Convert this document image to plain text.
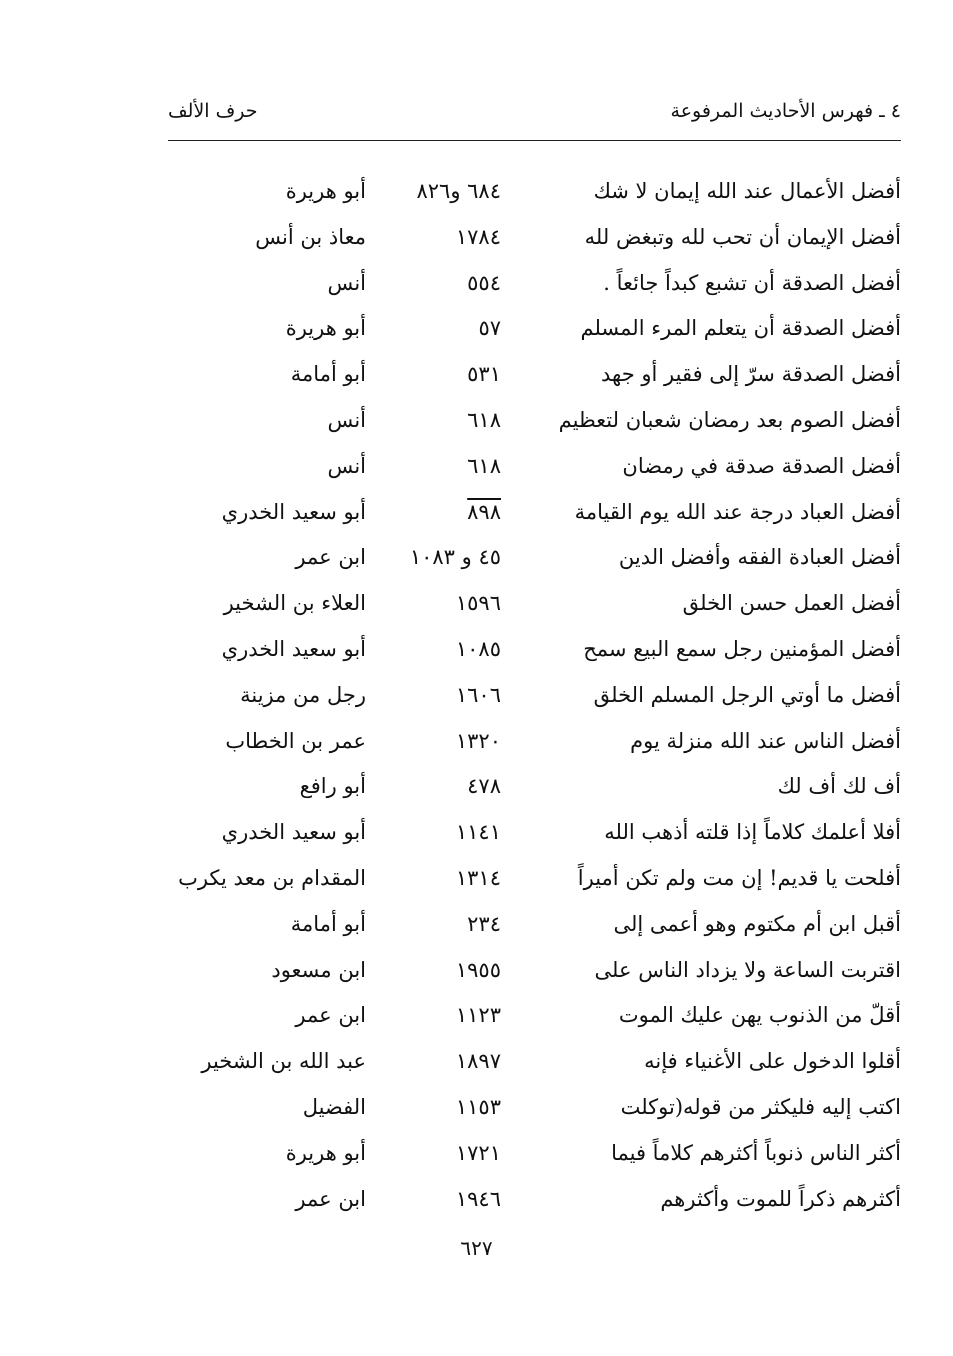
٤ ـ فهرس الأحاديث المرفوعة
حرف الألف
أفضل الأعمال عند الله إيمان لا شك
٦٨٤ و٨٢٦
أبو هريرة
أفضل الإيمان أن تحب لله وتبغض لله
١٧٨٤
معاذ بن أنس
أفضل الصدقة أن تشبع كبداً جائعاً .
٥٥٤
أنس
أفضل الصدقة أن يتعلم المرء المسلم
٥٧
أبو هريرة
أفضل الصدقة سرّ إلى فقير أو جهد
٥٣١
أبو أمامة
أفضل الصوم بعد رمضان شعبان لتعظيم
٦١٨
أنس
أفضل الصدقة صدقة في رمضان
٦١٨
أنس
أفضل العباد درجة عند الله يوم القيامة
٨٩٨
أبو سعيد الخدري
أفضل العبادة الفقه وأفضل الدين
٤٥ و ١٠٨٣
ابن عمر
أفضل العمل حسن الخلق
١٥٩٦
العلاء بن الشخير
أفضل المؤمنين رجل سمع البيع سمح
١٠٨٥
أبو سعيد الخدري
أفضل ما أوتي الرجل المسلم الخلق
١٦٠٦
رجل من مزينة
أفضل الناس عند الله منزلة يوم
١٣٢٠
عمر بن الخطاب
أف لك أف لك
٤٧٨
أبو رافع
أفلا أعلمك كلاماً إذا قلته أذهب الله
١١٤١
أبو سعيد الخدري
أفلحت يا قديم! إن مت ولم تكن أميراً
١٣١٤
المقدام بن معد يكرب
أقبل ابن أم مكتوم وهو أعمى إلى
٢٣٤
أبو أمامة
اقتربت الساعة ولا يزداد الناس على
١٩٥٥
ابن مسعود
أقلّ من الذنوب يهن عليك الموت
١١٢٣
ابن عمر
أقلوا الدخول على الأغنياء فإنه
١٨٩٧
عبد الله بن الشخير
اكتب إليه فليكثر من قوله(توكلت
١١٥٣
الفضيل
أكثر الناس ذنوباً أكثرهم كلاماً فيما
١٧٢١
أبو هريرة
أكثرهم ذكراً للموت وأكثرهم
١٩٤٦
ابن عمر
٦٢٧
